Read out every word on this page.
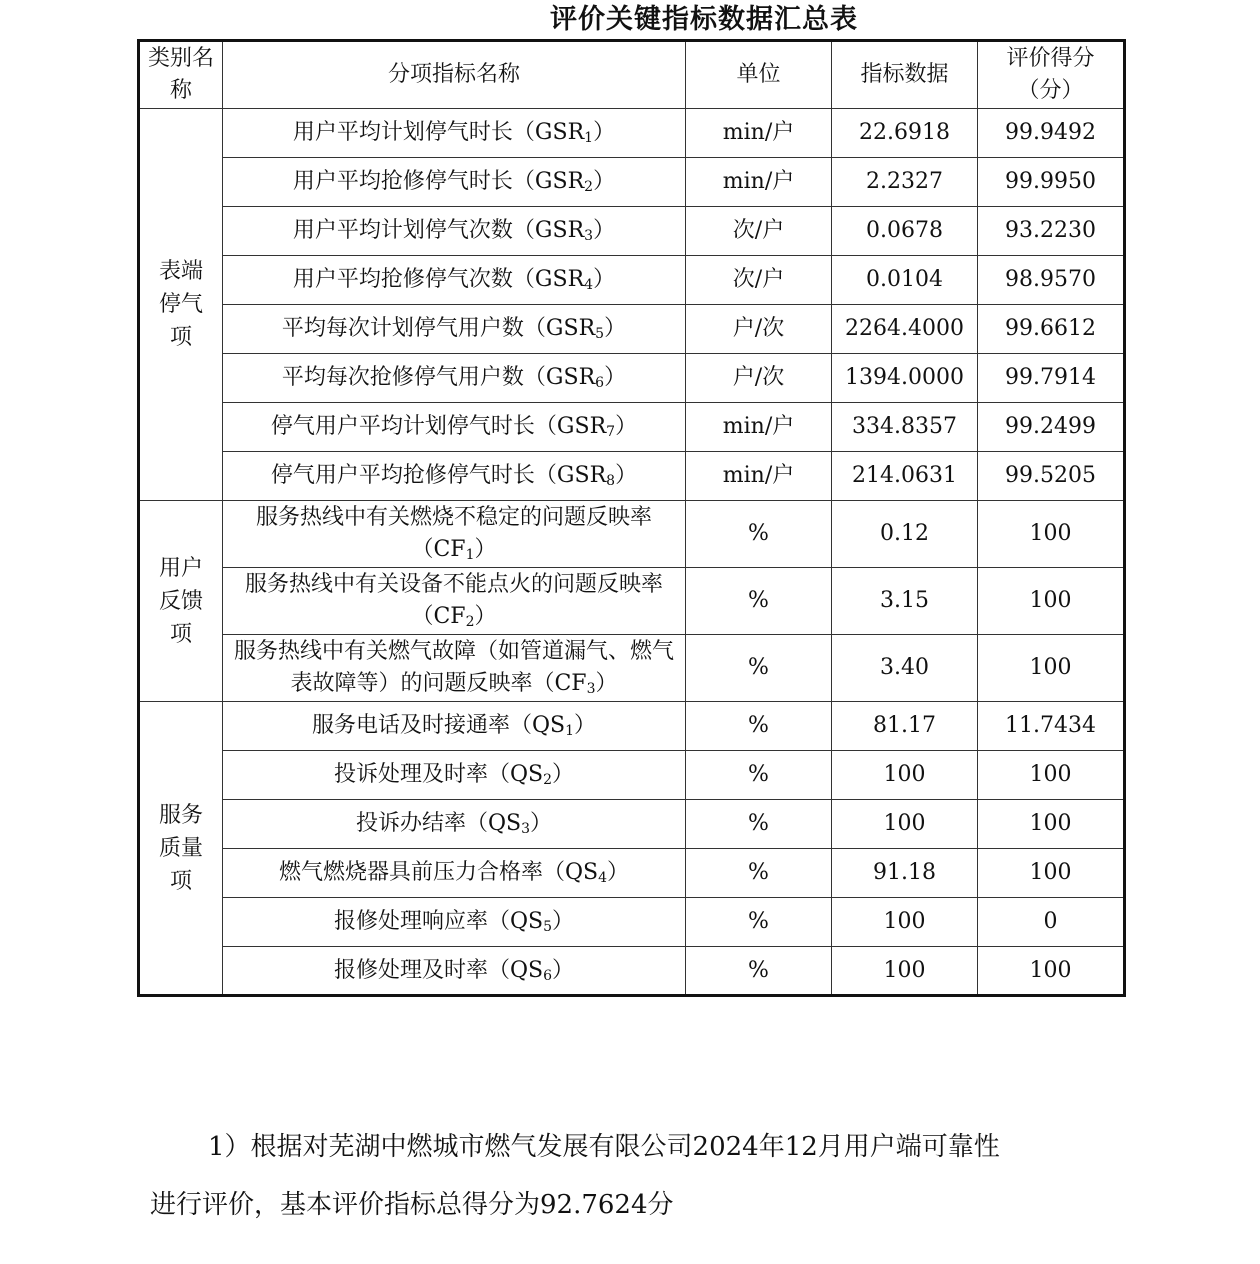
评价关键指标数据汇总表
类别名称	分项指标名称	单位	指标数据	评价得分（分）
表端停气项	用户平均计划停气时长$(GSR_1)$	min/户	22.6918	99.9492
	用户平均抢修停气时长$(GSR_2)$	min/户	2.2327	99.9950
	用户平均计划停气次数$(GSR_3)$	次/户	0.0678	93.2230
	用户平均抢修停气次数$(GSR_4)$	次/户	0.0104	98.9570
	平均每次计划停气用户数$(GSR_5)$	户/次	2264.4000	99.6612
	平均每次抢修停气用户数$(GSR_6)$	户/次	1394.0000	99.7914
	停气用户平均计划停气时长$(GSR_7)$	min/户	334.8357	99.2499
	停气用户平均抢修停气时长$(GSR_8)$	min/户	214.0631	99.5205
用户反馈项	服务热线中有关燃烧不稳定的问题反映率$(CF_1)$	%	0.12	100
	服务热线中有关设备不能点火的问题反映率$(CF_2)$	%	3.15	100
	服务热线中有关燃气故障（如管道漏气、燃气表故障等）的问题反映率$(CF_3)$	%	3.40	100
服务质量项	服务电话及时接通率$(QS_1)$	%	81.17	11.7434
	投诉处理及时率$(QS_2)$	%	100	100
	投诉办结率$(QS_3)$	%	100	100
	燃气燃烧器具前压力合格率$(QS_4)$	%	91.18	100
	报修处理响应率$(QS_5)$	%	100	0
	报修处理及时率$(QS_6)$	%	100	100
1）根据对芜湖中燃城市燃气发展有限公司2024年12月用户端可靠性
进行评价，基本评价指标总得分为92.7624分
